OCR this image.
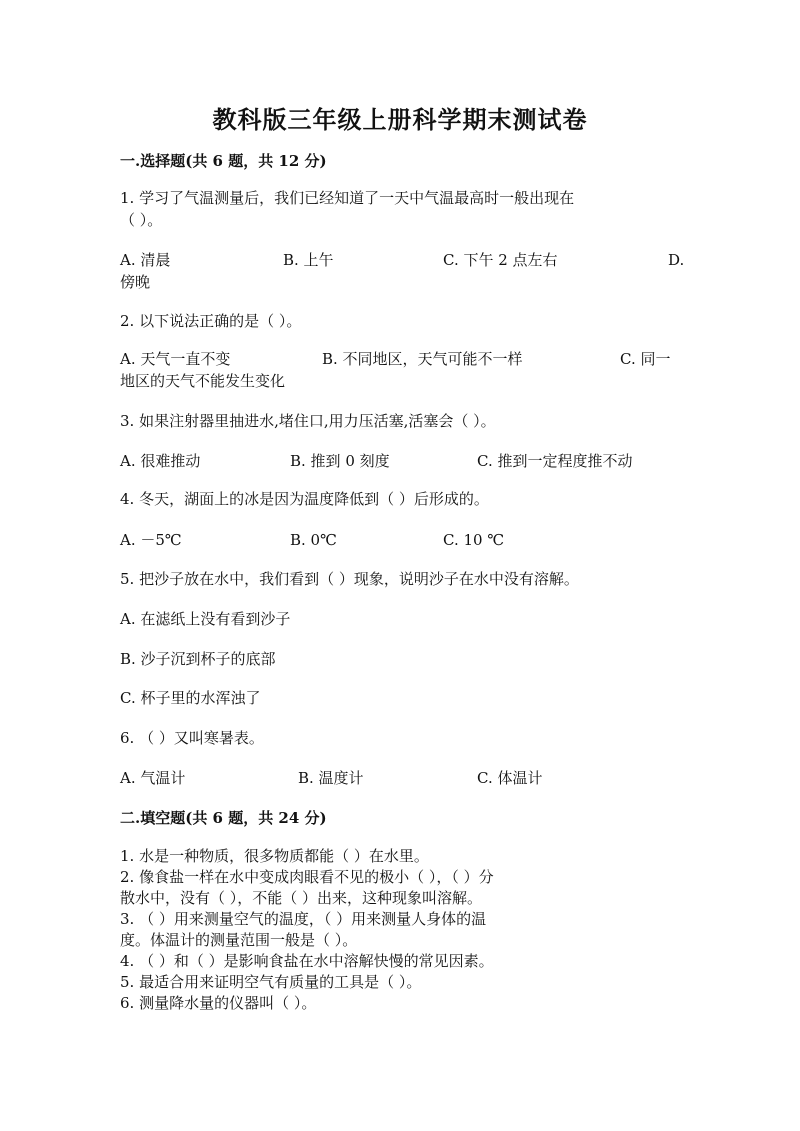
教科版三年级上册科学期末测试卷
一.选择题(共 6 题，共 12 分)
1. 学习了气温测量后，我们已经知道了一天中气温最高时一般出现在
（ ）。
A. 清晨	B. 上午	C. 下午 2 点左右	D.
傍晚
2. 以下说法正确的是（ ）。
A. 天气一直不变	B. 不同地区，天气可能不一样	C. 同一
地区的天气不能发生变化
3. 如果注射器里抽进水,堵住口,用力压活塞,活塞会（ ）。
A. 很难推动	B. 推到 0 刻度	C. 推到一定程度推不动
4. 冬天，湖面上的冰是因为温度降低到（ ）后形成的。
A. －5℃	B. 0℃	C. 10 ℃
5. 把沙子放在水中，我们看到（ ）现象，说明沙子在水中没有溶解。
A. 在滤纸上没有看到沙子
B. 沙子沉到杯子的底部
C. 杯子里的水浑浊了
6. （ ）又叫寒暑表。
A. 气温计	B. 温度计	C. 体温计
二.填空题(共 6 题，共 24 分)
1. 水是一种物质，很多物质都能（ ）在水里。
2. 像食盐一样在水中变成肉眼看不见的极小（ ），（ ）分
散水中，没有（ ），不能（ ）出来，这种现象叫溶解。
3. （ ）用来测量空气的温度，（ ）用来测量人身体的温
度。体温计的测量范围一般是（ ）。
4. （ ）和（ ）是影响食盐在水中溶解快慢的常见因素。
5. 最适合用来证明空气有质量的工具是（ ）。
6. 测量降水量的仪器叫（ ）。
